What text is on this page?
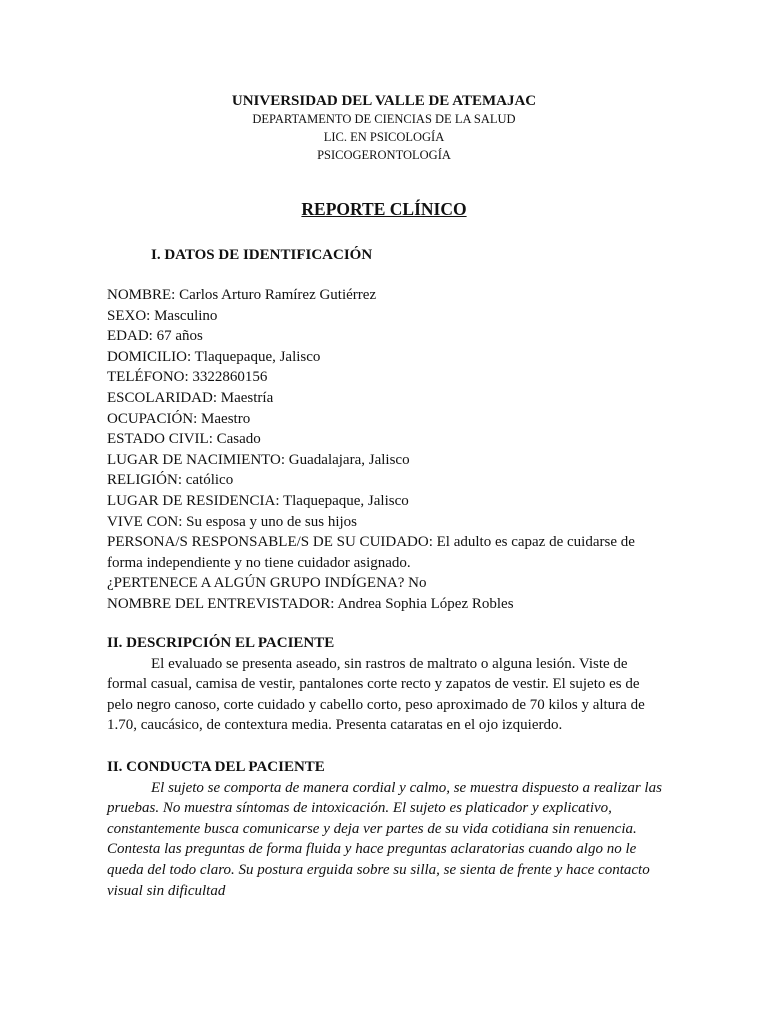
UNIVERSIDAD DEL VALLE DE ATEMAJAC

DEPARTAMENTO DE CIENCIAS DE LA SALUD

LIC. EN PSICOLOGÍA

PSICOGERONTOLOGÍA

REPORTE CLÍNICO

I. DATOS DE IDENTIFICACIÓN

NOMBRE: Carlos Arturo Ramírez Gutiérrez

SEXO: Masculino

EDAD: 67 años

DOMICILIO: Tlaquepaque, Jalisco

TELÉFONO: 3322860156

ESCOLARIDAD: Maestría

OCUPACIÓN: Maestro

ESTADO CIVIL: Casado

LUGAR DE NACIMIENTO: Guadalajara, Jalisco

RELIGIÓN: católico

LUGAR DE RESIDENCIA: Tlaquepaque, Jalisco

VIVE CON: Su esposa y uno de sus hijos

PERSONA/S RESPONSABLE/S DE SU CUIDADO: El adulto es capaz de cuidarse de forma independiente y no tiene cuidador asignado.

¿PERTENECE A ALGÚN GRUPO INDÍGENA? No

NOMBRE DEL ENTREVISTADOR: Andrea Sophia López Robles

II. DESCRIPCIÓN EL PACIENTE

El evaluado se presenta aseado, sin rastros de maltrato o alguna lesión. Viste de formal casual, camisa de vestir, pantalones corte recto y zapatos de vestir. El sujeto es de pelo negro canoso, corte cuidado y cabello corto, peso aproximado de 70 kilos y altura de 1.70, caucásico, de contextura media. Presenta cataratas en el ojo izquierdo.

II. CONDUCTA DEL PACIENTE

El sujeto se comporta de manera cordial y calmo, se muestra dispuesto a realizar las pruebas. No muestra síntomas de intoxicación. El sujeto es platicador y explicativo, constantemente busca comunicarse y deja ver partes de su vida cotidiana sin renuencia. Contesta las preguntas de forma fluida y hace preguntas aclaratorias cuando algo no le queda del todo claro. Su postura erguida sobre su silla, se sienta de frente y hace contacto visual sin dificultad
